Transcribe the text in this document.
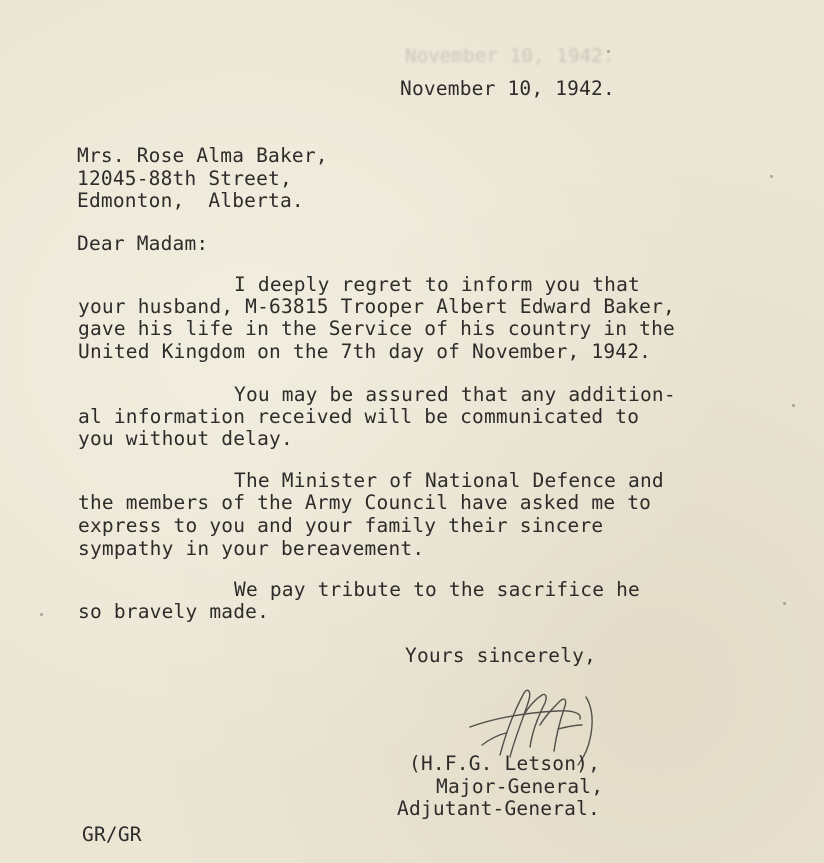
November 10, 1942.
November 10, 1942.
Mrs. Rose Alma Baker,
12045-88th Street,
Edmonton,  Alberta.
Dear Madam:
I deeply regret to inform you that
your husband, M-63815 Trooper Albert Edward Baker,
gave his life in the Service of his country in the
United Kingdom on the 7th day of November, 1942.
You may be assured that any addition-
al information received will be communicated to
you without delay.
The Minister of National Defence and
the members of the Army Council have asked me to
express to you and your family their sincere
sympathy in your bereavement.
We pay tribute to the sacrifice he
so bravely made.
Yours sincerely,
(H.F.G. Letson),
Major-General,
Adjutant-General.
GR/GR
